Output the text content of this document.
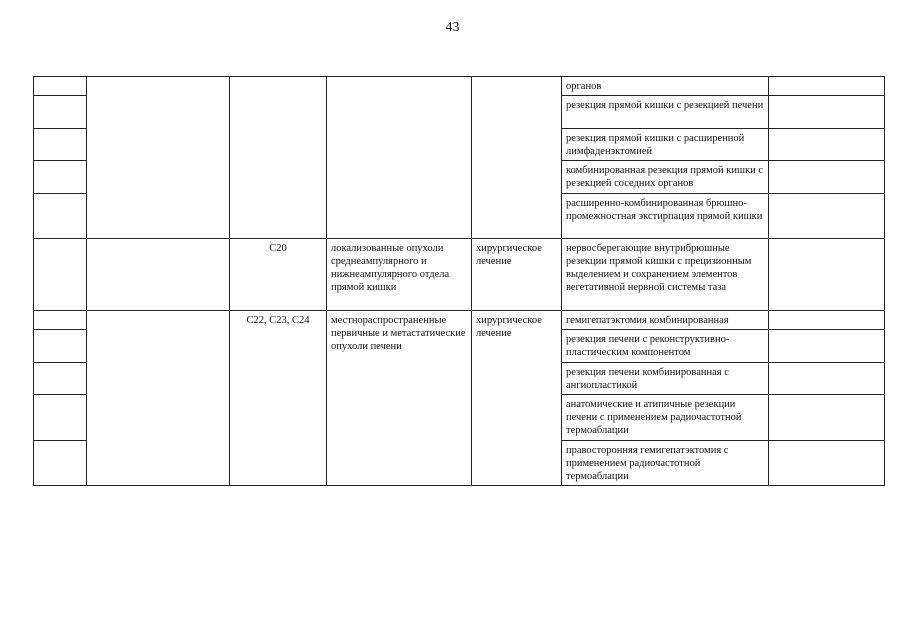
43
					органов	
					резекция прямой кишки с резекцией печени	
					резекция прямой кишки с расширенной лимфаденэктомией	
					комбинированная резекция прямой кишки с резекцией соседних органов	
					расширенно-комбинированная брюшно-промежностная экстирпация прямой кишки	
		C20	локализованные опухоли среднеампулярного и нижнеампулярного отдела прямой кишки	хирургическое лечение	нервосберегающие внутрибрюшные резекции прямой кишки с прецизионным выделением и сохранением элементов вегетативной нервной системы таза	
		C22, C23, C24	местнораспространенные первичные и метастатические опухоли печени	хирургическое лечение	гемигепатэктомия комбинированная	
					резекция печени с реконструктивно-пластическим компонентом	
					резекция печени комбинированная с ангиопластикой	
					анатомические и атипичные резекции печени с применением радиочастотной термоаблации	
					правосторонняя гемигепатэктомия с применением радиочастотной термоаблации	
